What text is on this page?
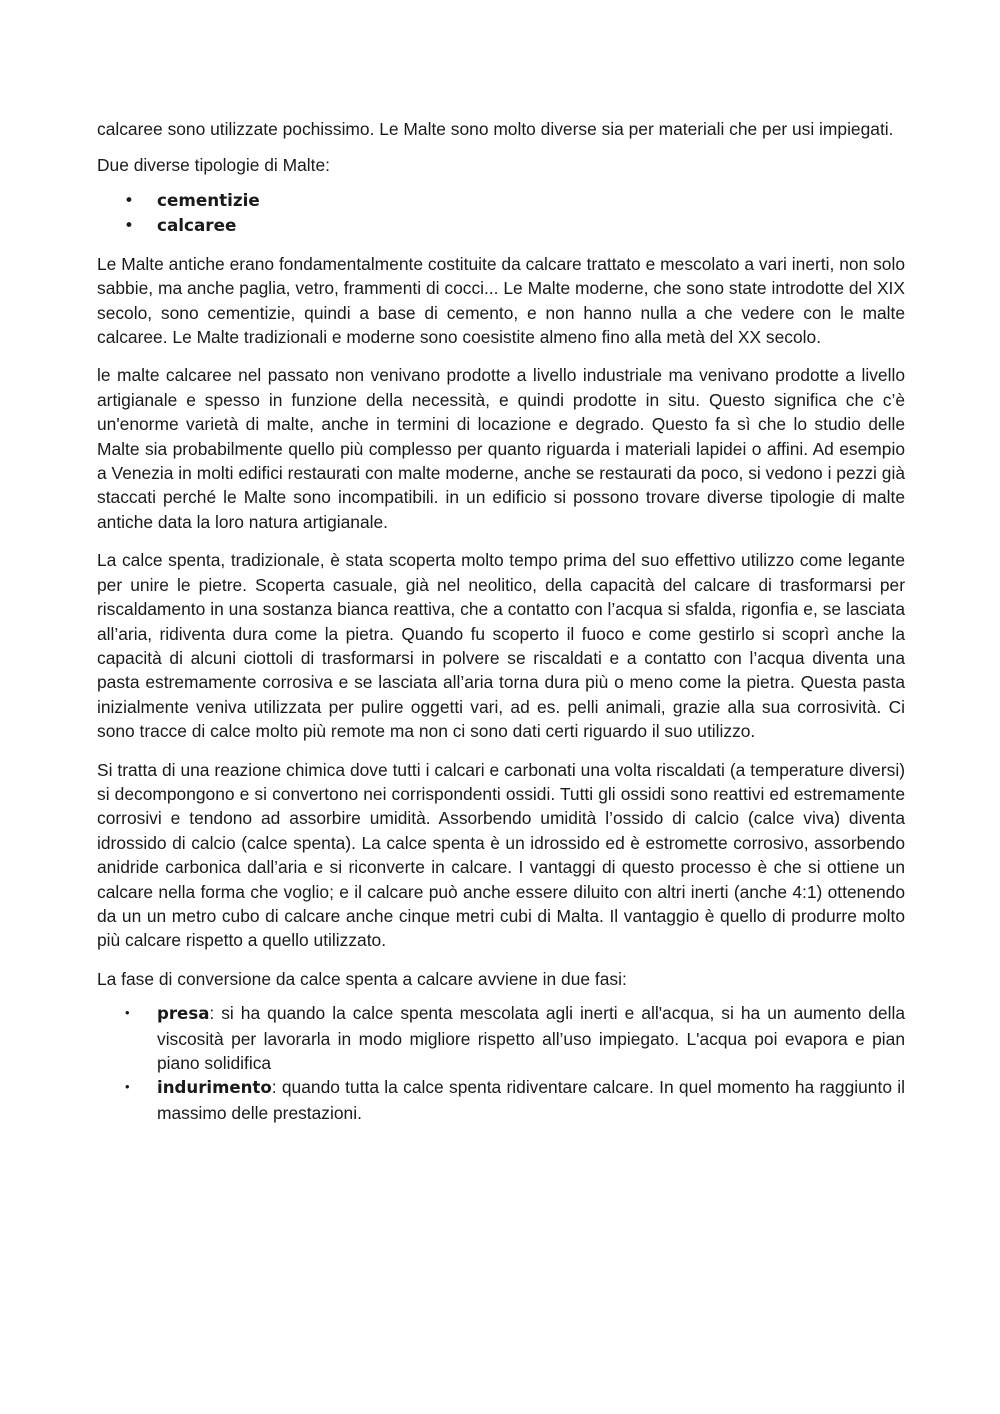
calcaree sono utilizzate pochissimo. Le Malte sono molto diverse sia per materiali che per usi impiegati.

Due diverse tipologie di Malte:

• cementizie
• calcaree

Le Malte antiche erano fondamentalmente costituite da calcare trattato e mescolato a vari inerti, non solo sabbie, ma anche paglia, vetro, frammenti di cocci... Le Malte moderne, che sono state introdotte del XIX secolo, sono cementizie, quindi a base di cemento, e non hanno nulla a che vedere con le malte calcaree. Le Malte tradizionali e moderne sono coesistite almeno fino alla metà del XX secolo.

le malte calcaree nel passato non venivano prodotte a livello industriale ma venivano prodotte a livello artigianale e spesso in funzione della necessità, e quindi prodotte in situ. Questo significa che c’è un'enorme varietà di malte, anche in termini di locazione e degrado. Questo fa sì che lo studio delle Malte sia probabilmente quello più complesso per quanto riguarda i materiali lapidei o affini. Ad esempio a Venezia in molti edifici restaurati con malte moderne, anche se restaurati da poco, si vedono i pezzi già staccati perché le Malte sono incompatibili. in un edificio si possono trovare diverse tipologie di malte antiche data la loro natura artigianale.

La calce spenta, tradizionale, è stata scoperta molto tempo prima del suo effettivo utilizzo come legante per unire le pietre. Scoperta casuale, già nel neolitico, della capacità del calcare di trasformarsi per riscaldamento in una sostanza bianca reattiva, che a contatto con l’acqua si sfalda, rigonfia e, se lasciata all’aria, ridiventa dura come la pietra. Quando fu scoperto il fuoco e come gestirlo si scoprì anche la capacità di alcuni ciottoli di trasformarsi in polvere se riscaldati e a contatto con l’acqua diventa una pasta estremamente corrosiva e se lasciata all’aria torna dura più o meno come la pietra. Questa pasta inizialmente veniva utilizzata per pulire oggetti vari, ad es. pelli animali, grazie alla sua corrosività. Ci sono tracce di calce molto più remote ma non ci sono dati certi riguardo il suo utilizzo.

Si tratta di una reazione chimica dove tutti i calcari e carbonati una volta riscaldati (a temperature diversi) si decompongono e si convertono nei corrispondenti ossidi. Tutti gli ossidi sono reattivi ed estremamente corrosivi e tendono ad assorbire umidità. Assorbendo umidità l’ossido di calcio (calce viva) diventa idrossido di calcio (calce spenta). La calce spenta è un idrossido ed è estromette corrosivo, assorbendo anidride carbonica dall’aria e si riconverte in calcare. I vantaggi di questo processo è che si ottiene un calcare nella forma che voglio; e il calcare può anche essere diluito con altri inerti (anche 4:1) ottenendo da un un metro cubo di calcare anche cinque metri cubi di Malta. Il vantaggio è quello di produrre molto più calcare rispetto a quello utilizzato.

La fase di conversione da calce spenta a calcare avviene in due fasi:

• presa: si ha quando la calce spenta mescolata agli inerti e all'acqua, si ha un aumento della viscosità per lavorarla in modo migliore rispetto all’uso impiegato. L'acqua poi evapora e pian piano solidifica
• indurimento: quando tutta la calce spenta ridiventare calcare. In quel momento ha raggiunto il massimo delle prestazioni.
